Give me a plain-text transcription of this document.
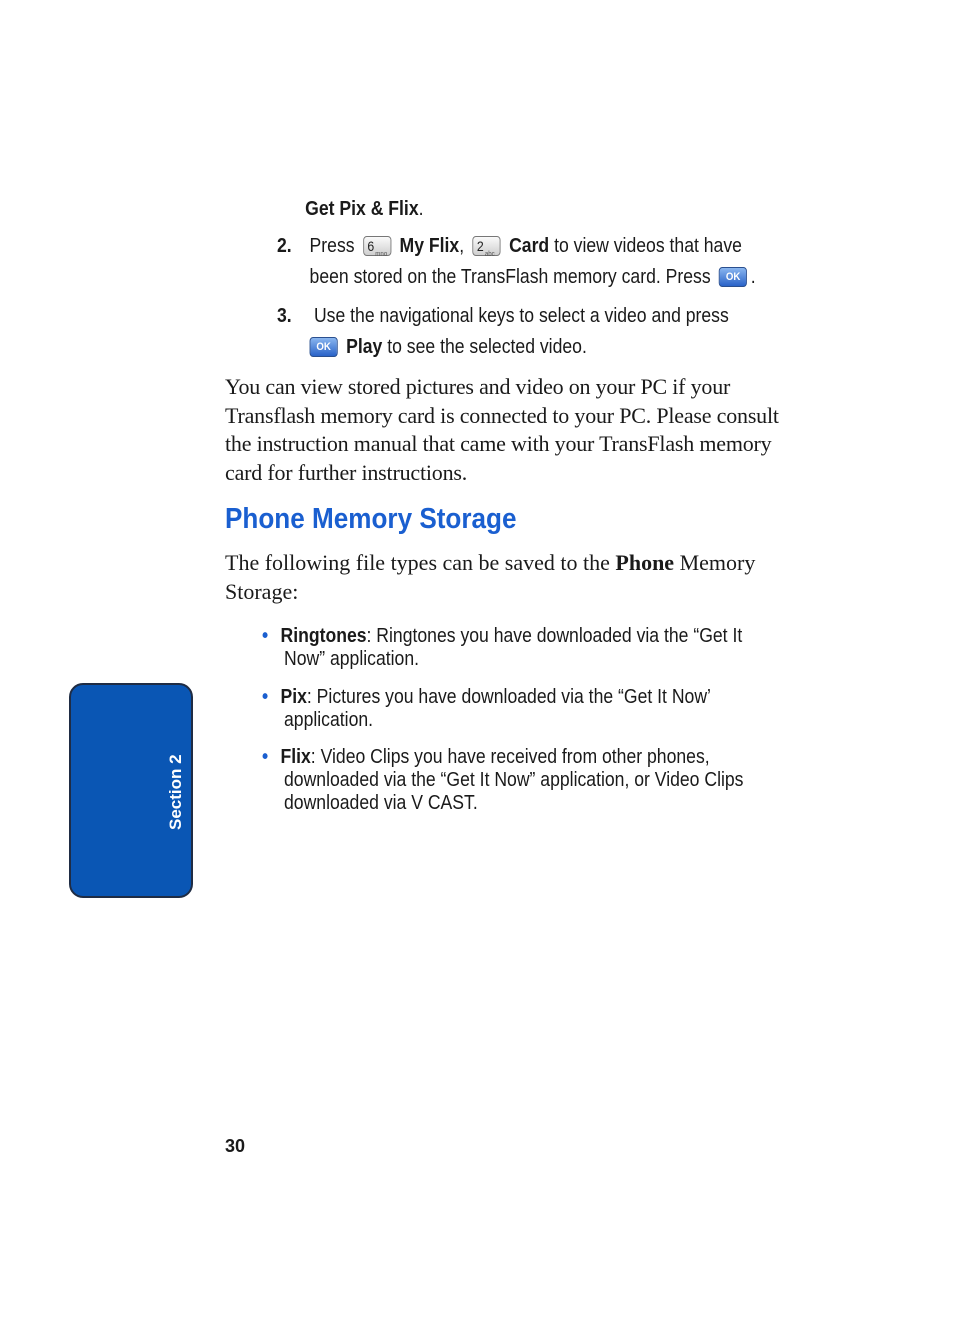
Get Pix & Flix.
2. Press 6
mno My Flix, 2
abc Card to view videos that have
been stored on the TransFlash memory card. Press	OK .
3. Use the navigational keys to select a video and press
OK Play to see the selected video.
You can view stored pictures and video on your PC if your Transflash memory card is connected to your PC. Please consult the instruction manual that came with your TransFlash memory card for further instructions.
Phone Memory Storage
The following file types can be saved to the Phone Memory Storage:
• Ringtones: Ringtones you have downloaded via the “Get It
Now” application.
• Pix: Pictures you have downloaded via the “Get It Now’
application.
• Flix: Video Clips you have received from other phones,
downloaded via the “Get It Now” application, or Video Clips
downloaded via V CAST.
Section 2
30
